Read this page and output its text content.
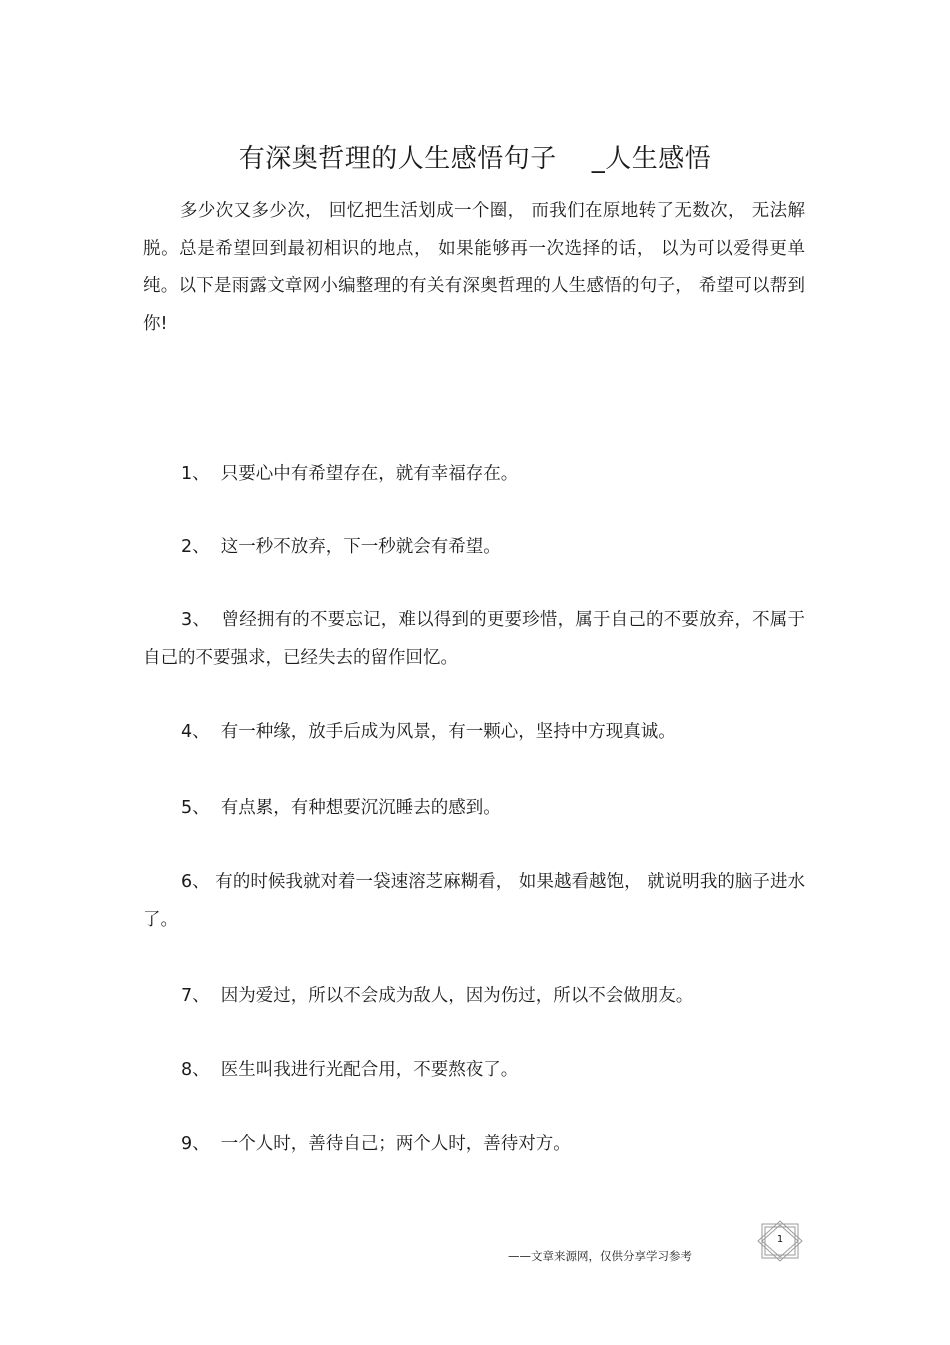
有深奥哲理的人生感悟句子    _人生感悟

多少次又多少次， 回忆把生活划成一个圈， 而我们在原地转了无数次， 无法解脱。总是希望回到最初相识的地点， 如果能够再一次选择的话， 以为可以爱得更单纯。以下是雨露文章网小编整理的有关有深奥哲理的人生感悟的句子， 希望可以帮到你!

1、  只要心中有希望存在，就有幸福存在。
2、  这一秒不放弃，下一秒就会有希望。
3、  曾经拥有的不要忘记，难以得到的更要珍惜，属于自己的不要放弃，不属于自己的不要强求，已经失去的留作回忆。
4、  有一种缘，放手后成为风景，有一颗心，坚持中方现真诚。
5、  有点累，有种想要沉沉睡去的感到。
6、 有的时候我就对着一袋速溶芝麻糊看， 如果越看越饱， 就说明我的脑子进水了。
7、  因为爱过，所以不会成为敌人，因为伤过，所以不会做朋友。
8、  医生叫我进行光配合用，不要熬夜了。
9、  一个人时，善待自己；两个人时，善待对方。
——文章来源网，仅供分享学习参考
1
